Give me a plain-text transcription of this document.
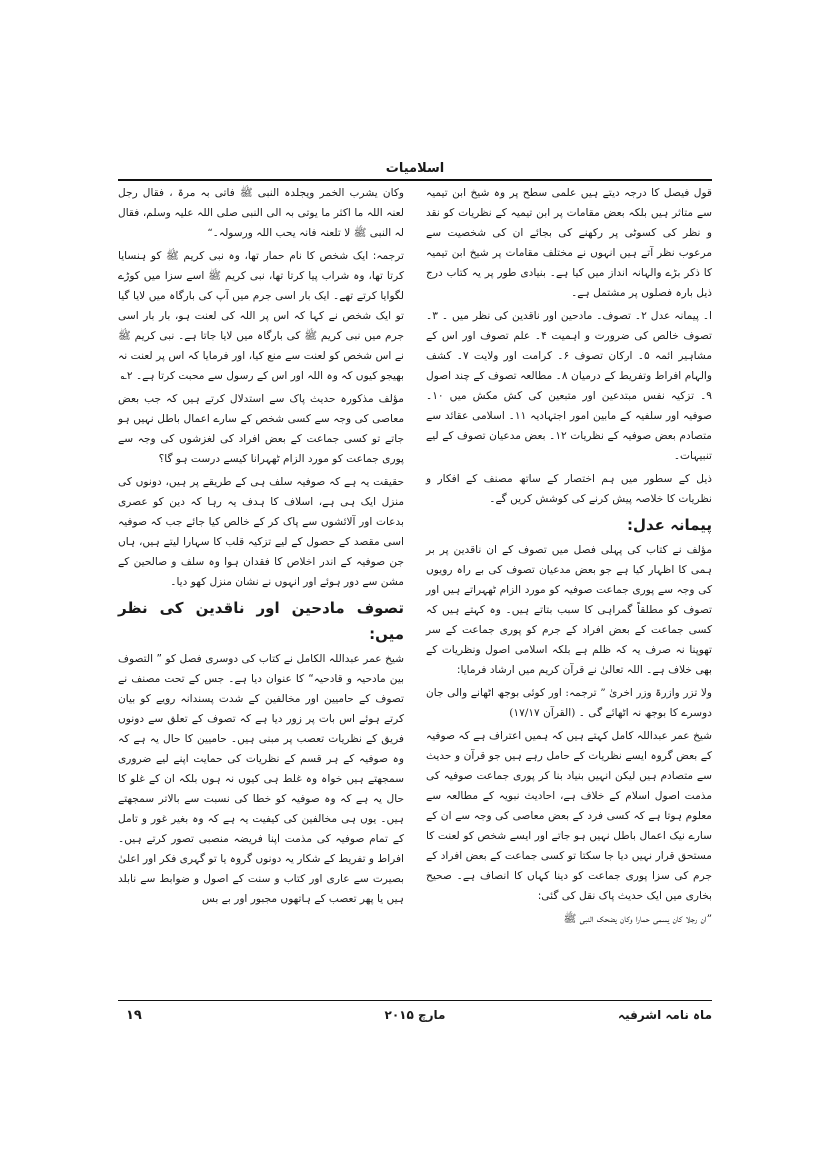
اسلامیات

قول فیصل کا درجہ دیتے ہیں علمی سطح پر وہ شیخ ابن تیمیہ سے متاثر ہیں بلکہ بعض مقامات پر ابن تیمیہ کے نظریات کو نقد و نظر کی کسوٹی پر رکھنے کی بجائے ان کی شخصیت سے مرعوب نظر آتے ہیں انہوں نے مختلف مقامات پر شیخ ابن تیمیہ کا ذکر بڑے والہانہ انداز میں کیا ہے۔ بنیادی طور پر یہ کتاب درج ذیل بارہ فصلوں پر مشتمل ہے۔

ا۔ پیمانہ عدل ۲۔ تصوف۔ مادحین اور ناقدین کی نظر میں ۔ ۳۔ تصوف خالص کی ضرورت و اہمیت ۴۔ علم تصوف اور اس کے مشاہیر ائمہ ۵۔ ارکان تصوف ۶۔ کرامت اور ولایت ۷۔ کشف والہام افراط وتفریط کے درمیان ۸۔ مطالعہ تصوف کے چند اصول ۹۔ تزکیہ نفس مبتدعین اور متبعین کی کش مکش میں ۱۰۔ صوفیہ اور سلفیہ کے مابین امور اجتہادیہ ۱۱۔ اسلامی عقائد سے متصادم بعض صوفیہ کے نظریات ۱۲۔ بعض مدعیان تصوف کے لیے تنبیہات۔

ذیل کے سطور میں ہم اختصار کے ساتھ مصنف کے افکار و نظریات کا خلاصہ پیش کرنے کی کوشش کریں گے۔

پیمانہ عدل:

مؤلف نے کتاب کی پہلی فصل میں تصوف کے ان ناقدین پر بر ہمی کا اظہار کیا ہے جو بعض مدعیان تصوف کی بے راہ رویوں کی وجہ سے پوری جماعت صوفیہ کو مورد الزام ٹھہراتے ہیں اور تصوف کو مطلقاً گمراہی کا سبب بتاتے ہیں۔ وہ کہتے ہیں کہ کسی جماعت کے بعض افراد کے جرم کو پوری جماعت کے سر تھوپنا نہ صرف یہ کہ ظلم ہے بلکہ اسلامی اصول ونظریات کے بھی خلاف ہے۔ اللہ تعالیٰ نے قرآن کریم میں ارشاد فرمایا:

ولا تزر وازرۃ وزر اخریٰ ” ترجمہ: اور کوئی بوجھ اٹھانے والی جان دوسرے کا بوجھ نہ اٹھائے گی ۔ (القرآن ۱۷/۱۷)

شیخ عمر عبداللہ کامل کہتے ہیں کہ ہمیں اعتراف ہے کہ صوفیہ کے بعض گروہ ایسے نظریات کے حامل رہے ہیں جو قرآن و حدیث سے متصادم ہیں لیکن انہیں بنیاد بنا کر پوری جماعت صوفیہ کی مذمت اصول اسلام کے خلاف ہے، احادیث نبویہ کے مطالعہ سے معلوم ہوتا ہے کہ کسی فرد کے بعض معاصی کی وجہ سے ان کے سارے نیک اعمال باطل نہیں ہو جاتے اور ایسے شخص کو لعنت کا مستحق قرار نہیں دیا جا سکتا تو کسی جماعت کے بعض افراد کے جرم کی سزا پوری جماعت کو دینا کہاں کا انصاف ہے۔ صحیح بخاری میں ایک حدیث پاک نقل کی گئی:

”ان رجلا کان یسمی حمارا وکان یضحک النبی ﷺ

وکان یشرب الخمر ویجلدہ النبی ﷺ فاتی بہ مرۃ ، فقال رجل لعنہ اللہ ما اکثر ما یوتی بہ الی النبی صلی اللہ علیہ وسلم، فقال لہ النبی ﷺ لا تلعنہ فانہ یحب اللہ ورسولہ۔“

ترجمہ: ایک شخص کا نام حمار تھا، وہ نبی کریم ﷺ کو ہنسایا کرتا تھا، وہ شراب پیا کرتا تھا، نبی کریم ﷺ اسے سزا میں کوڑے لگوایا کرتے تھے۔ ایک بار اسی جرم میں آپ کی بارگاہ میں لایا گیا تو ایک شخص نے کہا کہ اس پر اللہ کی لعنت ہو، بار بار اسی جرم میں نبی کریم ﷺ کی بارگاہ میں لایا جاتا ہے۔ نبی کریم ﷺ نے اس شخص کو لعنت سے منع کیا، اور فرمایا کہ اس پر لعنت نہ بھیجو کیوں کہ وہ اللہ اور اس کے رسول سے محبت کرتا ہے۔ ۲؎

مؤلف مذکورہ حدیث پاک سے استدلال کرتے ہیں کہ جب بعض معاصی کی وجہ سے کسی شخص کے سارے اعمال باطل نہیں ہو جاتے تو کسی جماعت کے بعض افراد کی لغزشوں کی وجہ سے پوری جماعت کو مورد الزام ٹھہرانا کیسے درست ہو گا؟

حقیقت یہ ہے کہ صوفیہ سلف ہی کے طریقے پر ہیں، دونوں کی منزل ایک ہی ہے، اسلاف کا ہدف یہ رہا کہ دین کو عصری بدعات اور آلائشوں سے پاک کر کے خالص کیا جائے جب کہ صوفیہ اسی مقصد کے حصول کے لیے تزکیہ قلب کا سہارا لیتے ہیں، ہاں جن صوفیہ کے اندر اخلاص کا فقدان ہوا وہ سلف و صالحین کے مشن سے دور ہوئے اور انہوں نے نشان منزل کھو دیا۔

تصوف مادحین اور ناقدین کی نظر میں:

شیخ عمر عبداللہ الکامل نے کتاب کی دوسری فصل کو ” التصوف بین مادحیہ و قادحیہ“ کا عنوان دیا ہے۔ جس کے تحت مصنف نے تصوف کے حامیین اور مخالفین کے شدت پسندانہ رویے کو بیان کرتے ہوئے اس بات پر زور دیا ہے کہ تصوف کے تعلق سے دونوں فریق کے نظریات تعصب پر مبنی ہیں۔ حامیین کا حال یہ ہے کہ وہ صوفیہ کے ہر قسم کے نظریات کی حمایت اپنے لیے ضروری سمجھتے ہیں خواہ وہ غلط ہی کیوں نہ ہوں بلکہ ان کے غلو کا حال یہ ہے کہ وہ صوفیہ کو خطا کی نسبت سے بالاتر سمجھتے ہیں۔ یوں ہی مخالفین کی کیفیت یہ ہے کہ وہ بغیر غور و تامل کے تمام صوفیہ کی مذمت اپنا فریضہ منصبی تصور کرتے ہیں۔ افراط و تفریط کے شکار یہ دونوں گروہ یا تو گہری فکر اور اعلیٰ بصیرت سے عاری اور کتاب و سنت کے اصول و ضوابط سے نابلد ہیں یا پھر تعصب کے ہاتھوں مجبور اور بے بس

۱۹	مارچ ۲۰۱۵	ماہ نامہ اشرفیہ
